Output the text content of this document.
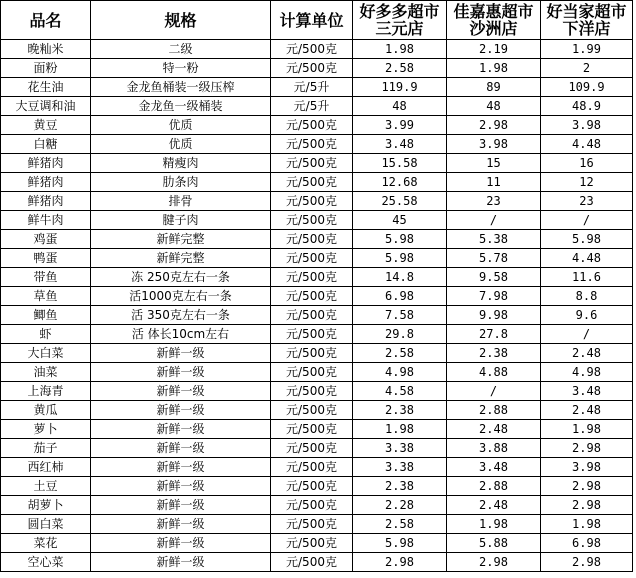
品名	规格	计算单位	好多多超市三元店	佳嘉惠超市沙洲店	好当家超市下洋店
晚籼米	二级	元/500克	1.98	2.19	1.99
面粉	特一粉	元/500克	2.58	1.98	2
花生油	金龙鱼桶装一级压榨	元/5升	119.9	89	109.9
大豆调和油	金龙鱼一级桶装	元/5升	48	48	48.9
黄豆	优质	元/500克	3.99	2.98	3.98
白糖	优质	元/500克	3.48	3.98	4.48
鲜猪肉	精瘦肉	元/500克	15.58	15	16
鲜猪肉	肋条肉	元/500克	12.68	11	12
鲜猪肉	排骨	元/500克	25.58	23	23
鲜牛肉	腱子肉	元/500克	45	/	/
鸡蛋	新鲜完整	元/500克	5.98	5.38	5.98
鸭蛋	新鲜完整	元/500克	5.98	5.78	4.48
带鱼	冻 250克左右一条	元/500克	14.8	9.58	11.6
草鱼	活1000克左右一条	元/500克	6.98	7.98	8.8
鲫鱼	活 350克左右一条	元/500克	7.58	9.98	9.6
虾	活 体长10cm左右	元/500克	29.8	27.8	/
大白菜	新鲜一级	元/500克	2.58	2.38	2.48
油菜	新鲜一级	元/500克	4.98	4.88	4.98
上海青	新鲜一级	元/500克	4.58	/	3.48
黄瓜	新鲜一级	元/500克	2.38	2.88	2.48
萝卜	新鲜一级	元/500克	1.98	2.48	1.98
茄子	新鲜一级	元/500克	3.38	3.88	2.98
西红柿	新鲜一级	元/500克	3.38	3.48	3.98
土豆	新鲜一级	元/500克	2.38	2.88	2.98
胡萝卜	新鲜一级	元/500克	2.28	2.48	2.98
圆白菜	新鲜一级	元/500克	2.58	1.98	1.98
菜花	新鲜一级	元/500克	5.98	5.88	6.98
空心菜	新鲜一级	元/500克	2.98	2.98	2.98
